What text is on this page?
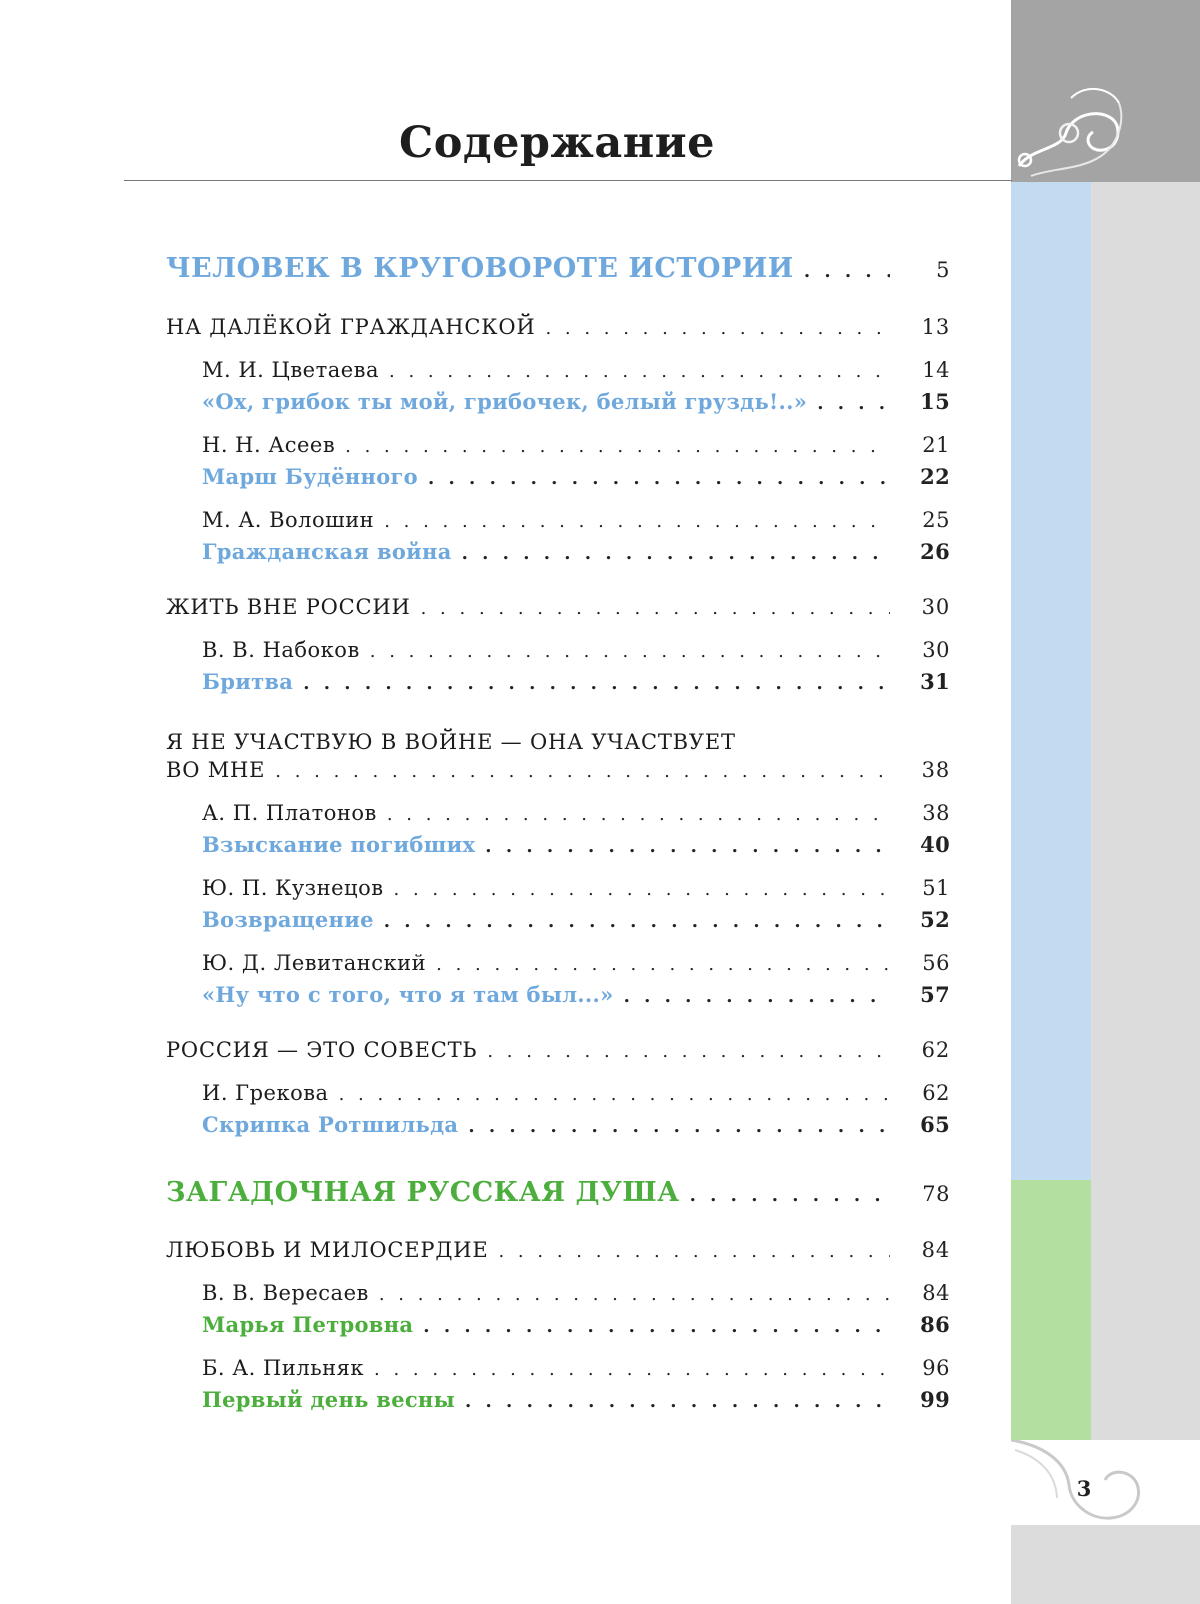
3
Содержание
ЧЕЛОВЕК В КРУГОВОРОТЕ ИСТОРИИ . . .	5
НА ДАЛЁКОЙ ГРАЖДАНСКОЙ . . .	13
М. И. Цветаева . . .	14
«Ох, грибок ты мой, грибочек, белый груздь!..» . . .	15
Н. Н. Асеев . . .	21
Марш Будённого . . .	22
М. А. Волошин . . .	25
Гражданская война . . .	26
ЖИТЬ ВНЕ РОССИИ . . .	30
В. В. Набоков . . .	30
Бритва . . .	31
Я НЕ УЧАСТВУЮ В ВОЙНЕ — ОНА УЧАСТВУЕТ
ВО МНЕ . . .	38
А. П. Платонов . . .	38
Взыскание погибших . . .	40
Ю. П. Кузнецов . . .	51
Возвращение . . .	52
Ю. Д. Левитанский . . .	56
«Ну что с того, что я там был...» . . .	57
РОССИЯ — ЭТО СОВЕСТЬ . . .	62
И. Грекова . . .	62
Скрипка Ротшильда . . .	65
ЗАГАДОЧНАЯ РУССКАЯ ДУША . . .	78
ЛЮБОВЬ И МИЛОСЕРДИЕ . . .	84
В. В. Вересаев . . .	84
Марья Петровна . . .	86
Б. А. Пильняк . . .	96
Первый день весны . . .	99
